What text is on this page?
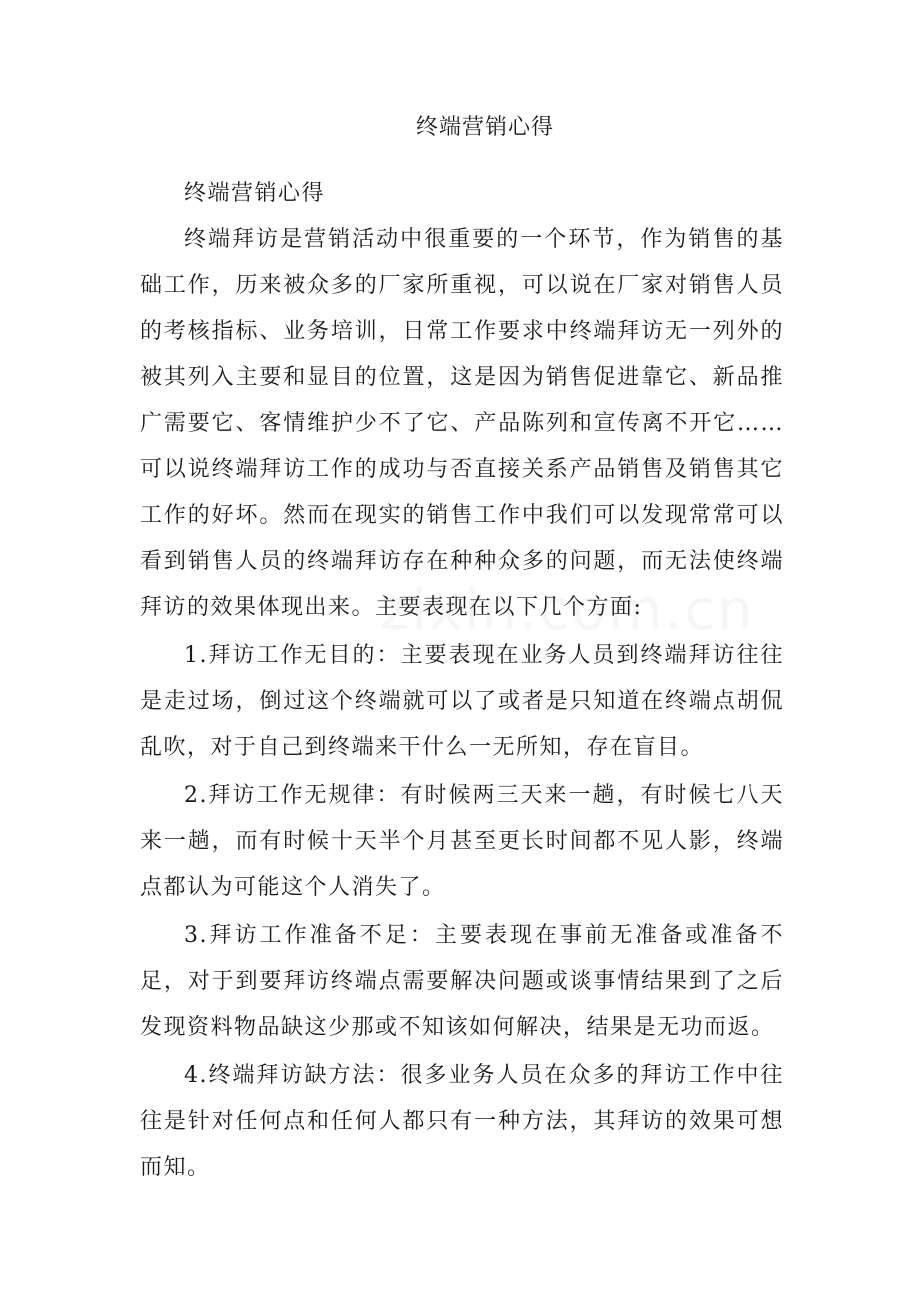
终端营销心得

终端营销心得

终端拜访是营销活动中很重要的一个环节，作为销售的基础工作，历来被众多的厂家所重视，可以说在厂家对销售人员的考核指标、业务培训，日常工作要求中终端拜访无一列外的被其列入主要和显目的位置，这是因为销售促进靠它、新品推广需要它、客情维护少不了它、产品陈列和宣传离不开它……可以说终端拜访工作的成功与否直接关系产品销售及销售其它工作的好坏。然而在现实的销售工作中我们可以发现常常可以看到销售人员的终端拜访存在种种众多的问题，而无法使终端拜访的效果体现出来。主要表现在以下几个方面:

1.拜访工作无目的：主要表现在业务人员到终端拜访往往是走过场，倒过这个终端就可以了或者是只知道在终端点胡侃乱吹，对于自己到终端来干什么一无所知，存在盲目。

2.拜访工作无规律：有时候两三天来一趟，有时候七八天来一趟，而有时候十天半个月甚至更长时间都不见人影，终端点都认为可能这个人消失了。

3.拜访工作准备不足：主要表现在事前无准备或准备不足，对于到要拜访终端点需要解决问题或谈事情结果到了之后发现资料物品缺这少那或不知该如何解决，结果是无功而返。

4.终端拜访缺方法：很多业务人员在众多的拜访工作中往往是针对任何点和任何人都只有一种方法，其拜访的效果可想而知。
